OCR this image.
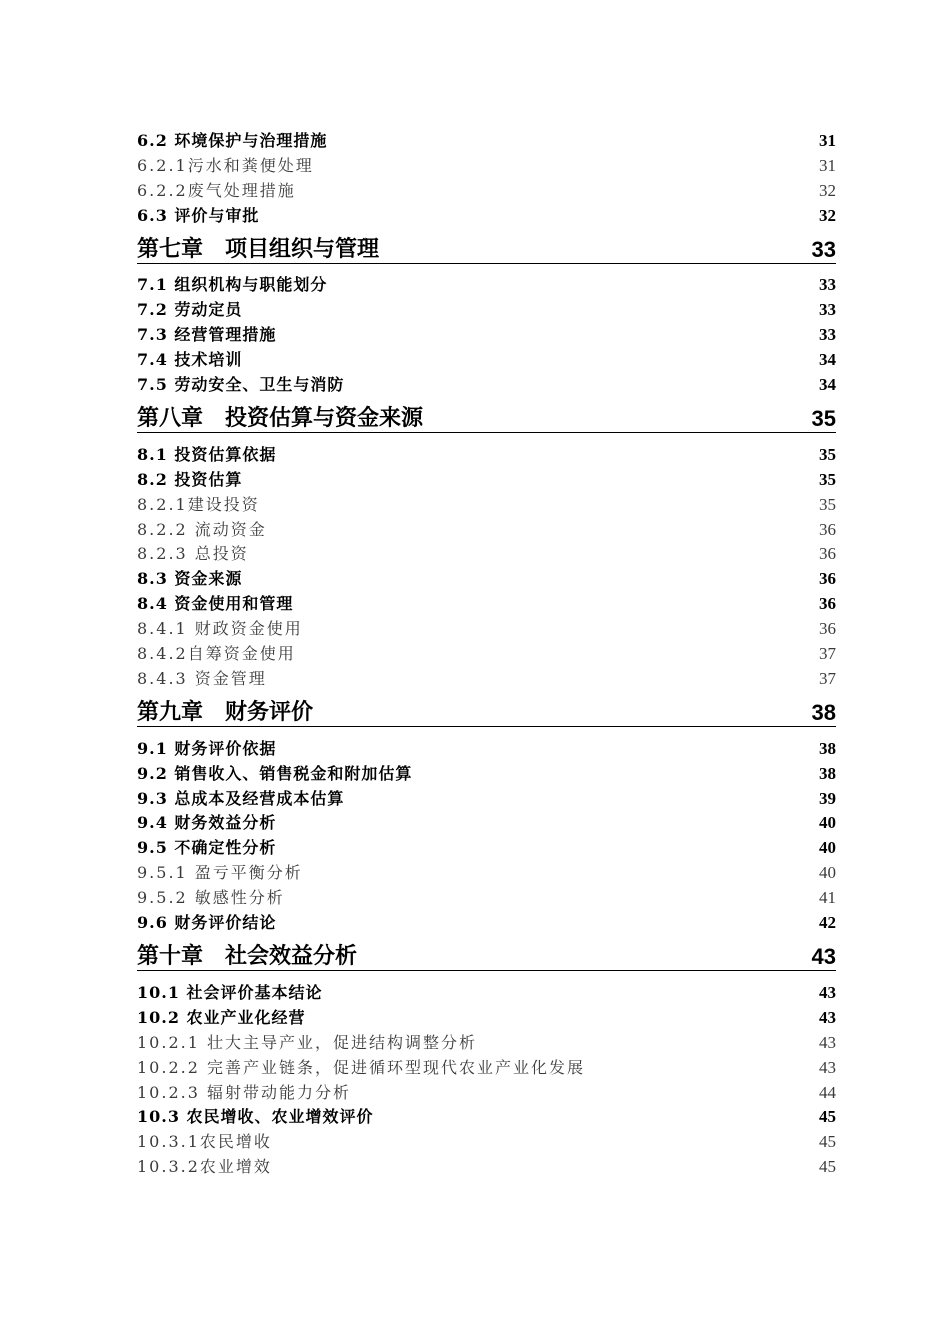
6.2 环境保护与治理措施	31
6.2.1污水和粪便处理	31
6.2.2废气处理措施	32
6.3 评价与审批	32
第七章　项目组织与管理	33
7.1 组织机构与职能划分	33
7.2 劳动定员	33
7.3 经营管理措施	33
7.4 技术培训	34
7.5 劳动安全、卫生与消防	34
第八章　投资估算与资金来源	35
8.1 投资估算依据	35
8.2 投资估算	35
8.2.1建设投资	35
8.2.2 流动资金	36
8.2.3 总投资	36
8.3 资金来源	36
8.4 资金使用和管理	36
8.4.1 财政资金使用	36
8.4.2自筹资金使用	37
8.4.3 资金管理	37
第九章　财务评价	38
9.1 财务评价依据	38
9.2 销售收入、销售税金和附加估算	38
9.3 总成本及经营成本估算	39
9.4 财务效益分析	40
9.5 不确定性分析	40
9.5.1 盈亏平衡分析	40
9.5.2 敏感性分析	41
9.6 财务评价结论	42
第十章　社会效益分析	43
10.1 社会评价基本结论	43
10.2 农业产业化经营	43
10.2.1 壮大主导产业，促进结构调整分析	43
10.2.2 完善产业链条，促进循环型现代农业产业化发展	43
10.2.3 辐射带动能力分析	44
10.3 农民增收、农业增效评价	45
10.3.1农民增收	45
10.3.2农业增效	45
